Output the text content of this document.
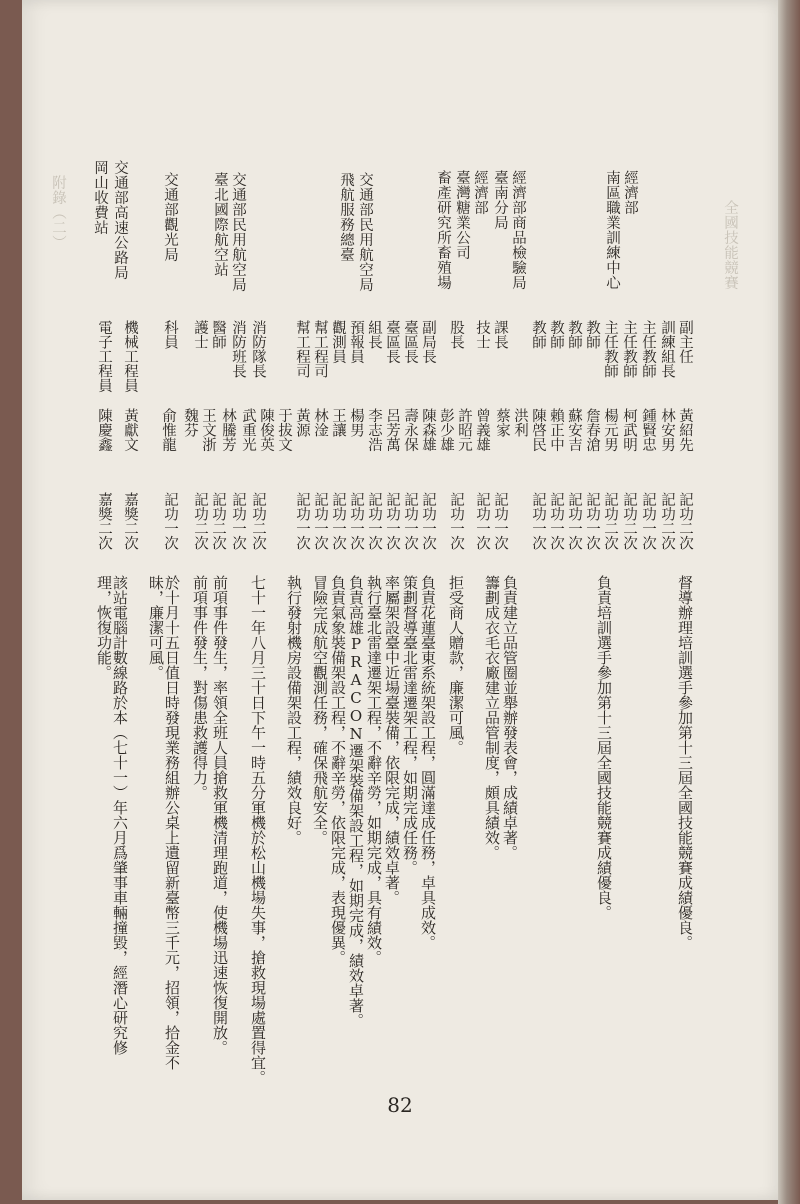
經濟部
南區職業訓練中心
經濟部商品檢驗局
臺南分局
經濟部
臺灣糖業公司
畜產研究所畜殖場
交通部民用航空局
飛航服務總臺
交通部民用航空局
臺北國際航空站
交通部觀光局
交通部高速公路局
岡山收費站
副主任
訓練組長
主任教師
主任教師
主任教師
教師
教師
教師
教師
課長
技士
股長
副局長
臺區長
臺區長
組長
預報員
觀測員
幫工程司
幫工程司
消防隊長
消防班長
醫師
護士
科員
機械工程員
電子工程員
黃紹先
林安男
鍾賢忠
柯武明
楊元男
詹春滄
蘇安吉
賴正中
陳啓民
洪利
蔡家
曾義雄
許昭元
彭少雄
陳森雄
壽永保
呂芳萬
李志浩
楊男
王讓
林淦
黃源
于拔文
陳俊英
武重光
林騰芳
王文浙
魏芬
俞惟龍
黃獻文
陳慶鑫
記功二次
記功二次
記功一次
記功二次
記功二次
記功一次
記功一次
記功一次
記功一次
記功一次
記功一次
記功一次
記功一次
記功一次
記功一次
記功一次
記功一次
記功一次
記功一次
記功一次
記功二次
記功一次
記功二次
記功二次
記功一次
嘉獎二次
嘉獎二次
督導辦理培訓選手參加第十三屆全國技能競賽成績優良。
負責培訓選手參加第十三屆全國技能競賽成績優良。
負責建立品管圈並舉辦發表會，成績卓著。
籌劃成衣毛衣廠建立品管制度，頗具績效。
拒受商人贈款，廉潔可風。
負責花蓮臺東系統架設工程，圓滿達成任務，卓具成效。
策劃督導臺北雷達遷架工程，如期完成任務。
率屬架設臺中近場臺裝備，依限完成，績效卓著。
執行臺北雷達遷架工程，不辭辛勞，如期完成，具有績效。
負責高雄PRACON遷架裝備架設工程，如期完成，績效卓著。
負責氣象裝備架設工程，不辭辛勞，依限完成，表現優異。
冒險完成航空觀測任務，確保飛航安全。
執行發射機房設備架設工程，績效良好。
七十一年八月三十日下午一時五分軍機於松山機場失事，搶救現場處置得宜。
前項事件發生，率領全班人員搶救軍機清理跑道，使機場迅速恢復開放。
前項事件發生，對傷患救護得力。
於十月十五日值日時發現業務組辦公桌上遺留新臺幣三千元，招領，拾金不昧，廉潔可風。
該站電腦計數線路於本（七十一）年六月爲肇事車輛撞毀，經潛心研究修理，恢復功能。
附錄（二）	全國技能競賽
82
